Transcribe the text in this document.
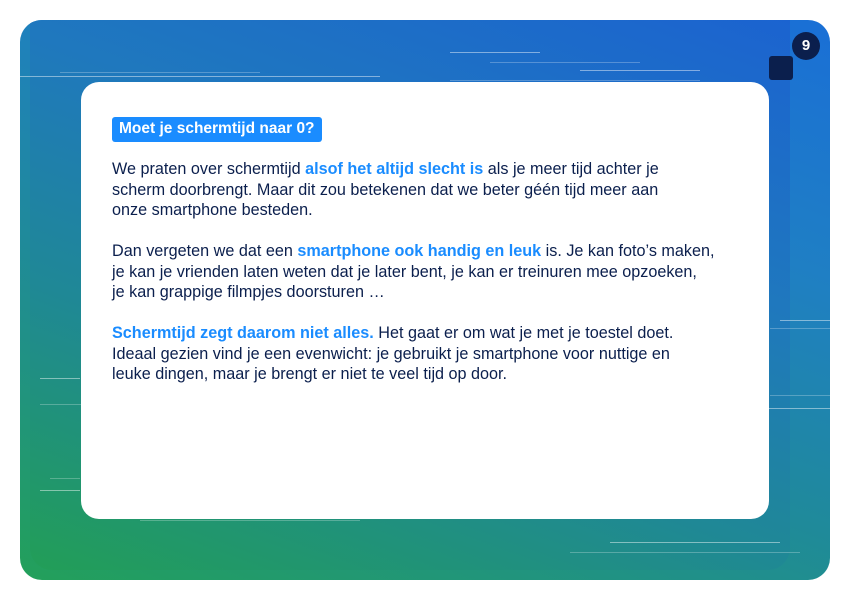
9
Moet je schermtijd naar 0?

We praten over schermtijd alsof het altijd slecht is als je meer tijd achter je
scherm doorbrengt. Maar dit zou betekenen dat we beter géén tijd meer aan
onze smartphone besteden.

Dan vergeten we dat een smartphone ook handig en leuk is. Je kan foto’s maken,
je kan je vrienden laten weten dat je later bent, je kan er treinuren mee opzoeken,
je kan grappige filmpjes doorsturen …

Schermtijd zegt daarom niet alles. Het gaat er om wat je met je toestel doet.
Ideaal gezien vind je een evenwicht: je gebruikt je smartphone voor nuttige en
leuke dingen, maar je brengt er niet te veel tijd op door.
